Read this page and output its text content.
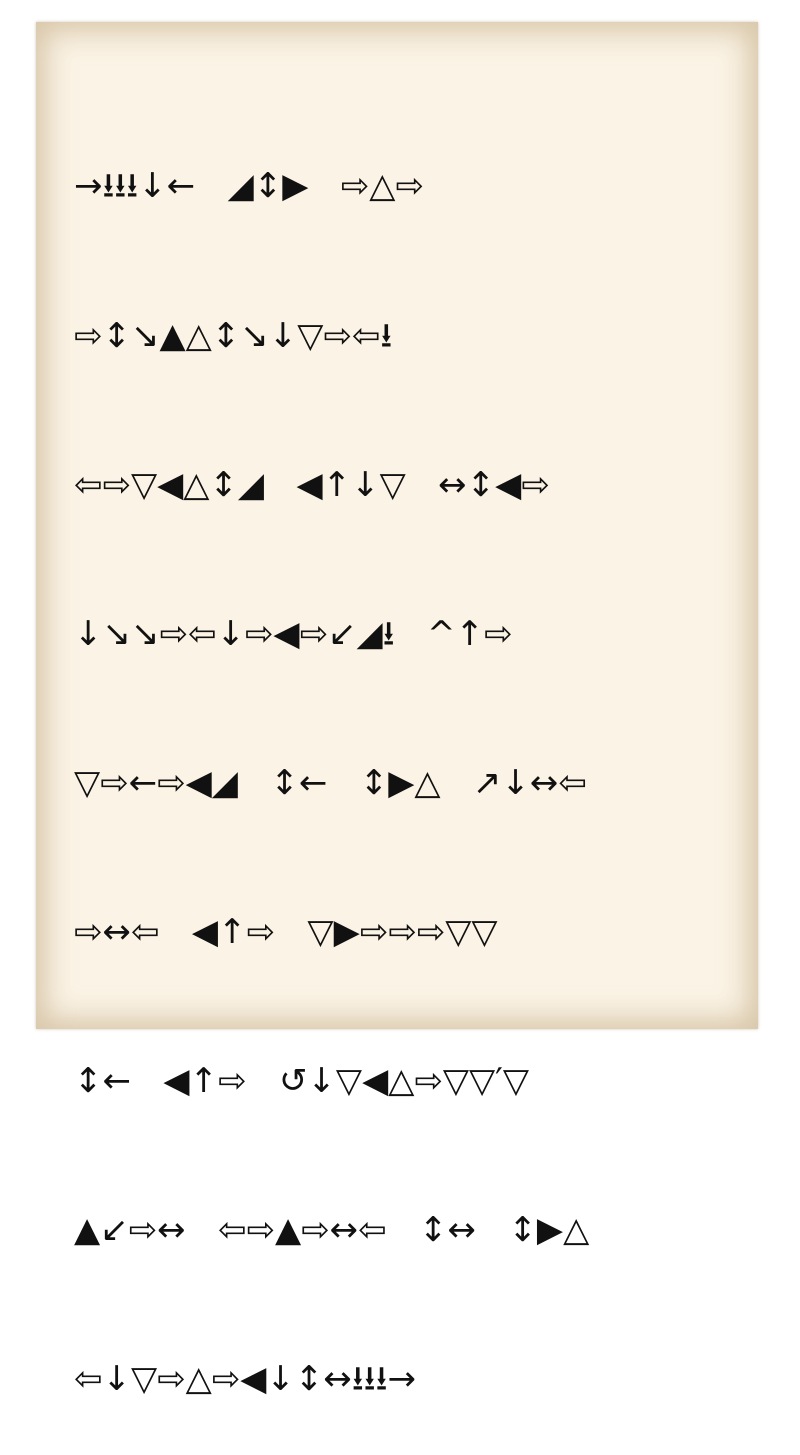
→⭳⭳⭳↓←   ◢↕▶   ⇨△⇨

⇨↕↘▲△↕↘↓▽⇨⇦⭳

⇦⇨▽◀△↕◢   ◀↑↓▽   ↔↕◀⇨

↓↘↘⇨⇦↓⇨◀⇨↙◢⭳   ^↑⇨

▽⇨←⇨◀◢   ↕←   ↕▶△   ↗↓↔⇦

⇨↔⇦   ◀↑⇨   ▽▶⇨⇨⇨▽▽

↕←   ◀↑⇨   ↺↓▽◀△⇨▽▽′▽

▲↙⇨↔   ⇦⇨▲⇨↔⇦   ↕↔   ↕▶△

⇦↓▽⇨△⇨◀↓↕↔⭳⭳⭳→
